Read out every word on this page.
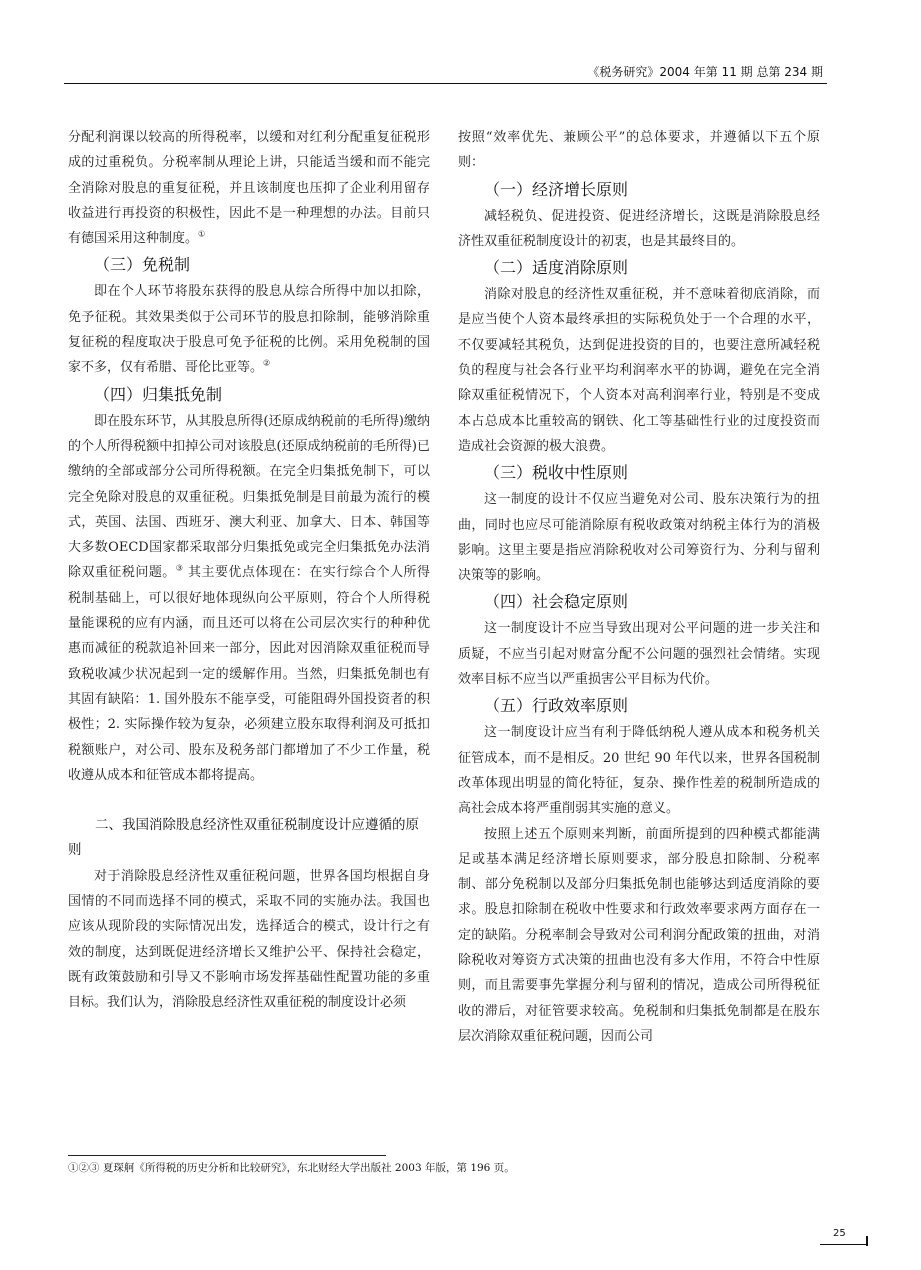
《税务研究》2004 年第 11 期 总第 234 期

分配利润课以较高的所得税率，以缓和对红利分配重复征税形成的过重税负。分税率制从理论上讲，只能适当缓和而不能完全消除对股息的重复征税，并且该制度也压抑了企业利用留存收益进行再投资的积极性，因此不是一种理想的办法。目前只有德国采用这种制度。①

（三）免税制

即在个人环节将股东获得的股息从综合所得中加以扣除，免予征税。其效果类似于公司环节的股息扣除制，能够消除重复征税的程度取决于股息可免予征税的比例。采用免税制的国家不多，仅有希腊、哥伦比亚等。②

（四）归集抵免制

即在股东环节，从其股息所得(还原成纳税前的毛所得)缴纳的个人所得税额中扣掉公司对该股息(还原成纳税前的毛所得)已缴纳的全部或部分公司所得税额。在完全归集抵免制下，可以完全免除对股息的双重征税。归集抵免制是目前最为流行的模式，英国、法国、西班牙、澳大利亚、加拿大、日本、韩国等大多数OECD国家都采取部分归集抵免或完全归集抵免办法消除双重征税问题。③ 其主要优点体现在：在实行综合个人所得税制基础上，可以很好地体现纵向公平原则，符合个人所得税量能课税的应有内涵，而且还可以将在公司层次实行的种种优惠而减征的税款追补回来一部分，因此对因消除双重征税而导致税收减少状况起到一定的缓解作用。当然，归集抵免制也有其固有缺陷：1. 国外股东不能享受，可能阻碍外国投资者的积极性；2. 实际操作较为复杂，必须建立股东取得利润及可抵扣税额账户，对公司、股东及税务部门都增加了不少工作量，税收遵从成本和征管成本都将提高。

二、我国消除股息经济性双重征税制度设计应遵循的原则

对于消除股息经济性双重征税问题，世界各国均根据自身国情的不同而选择不同的模式，采取不同的实施办法。我国也应该从现阶段的实际情况出发，选择适合的模式，设计行之有效的制度，达到既促进经济增长又维护公平、保持社会稳定，既有政策鼓励和引导又不影响市场发挥基础性配置功能的多重目标。我们认为，消除股息经济性双重征税的制度设计必须

按照“效率优先、兼顾公平”的总体要求，并遵循以下五个原则：

（一）经济增长原则

减轻税负、促进投资、促进经济增长，这既是消除股息经济性双重征税制度设计的初衷，也是其最终目的。

（二）适度消除原则

消除对股息的经济性双重征税，并不意味着彻底消除，而是应当使个人资本最终承担的实际税负处于一个合理的水平，不仅要减轻其税负，达到促进投资的目的，也要注意所减轻税负的程度与社会各行业平均利润率水平的协调，避免在完全消除双重征税情况下，个人资本对高利润率行业，特别是不变成本占总成本比重较高的钢铁、化工等基础性行业的过度投资而造成社会资源的极大浪费。

（三）税收中性原则

这一制度的设计不仅应当避免对公司、股东决策行为的扭曲，同时也应尽可能消除原有税收政策对纳税主体行为的消极影响。这里主要是指应消除税收对公司筹资行为、分利与留利决策等的影响。

（四）社会稳定原则

这一制度设计不应当导致出现对公平问题的进一步关注和质疑，不应当引起对财富分配不公问题的强烈社会情绪。实现效率目标不应当以严重损害公平目标为代价。

（五）行政效率原则

这一制度设计应当有利于降低纳税人遵从成本和税务机关征管成本，而不是相反。20 世纪 90 年代以来，世界各国税制改革体现出明显的简化特征，复杂、操作性差的税制所造成的高社会成本将严重削弱其实施的意义。

按照上述五个原则来判断，前面所提到的四种模式都能满足或基本满足经济增长原则要求，部分股息扣除制、分税率制、部分免税制以及部分归集抵免制也能够达到适度消除的要求。股息扣除制在税收中性要求和行政效率要求两方面存在一定的缺陷。分税率制会导致对公司利润分配政策的扭曲，对消除税收对筹资方式决策的扭曲也没有多大作用，不符合中性原则，而且需要事先掌握分利与留利的情况，造成公司所得税征收的滞后，对征管要求较高。免税制和归集抵免制都是在股东层次消除双重征税问题，因而公司

①②③ 夏琛舸《所得税的历史分析和比较研究》，东北财经大学出版社 2003 年版，第 196 页。
25
